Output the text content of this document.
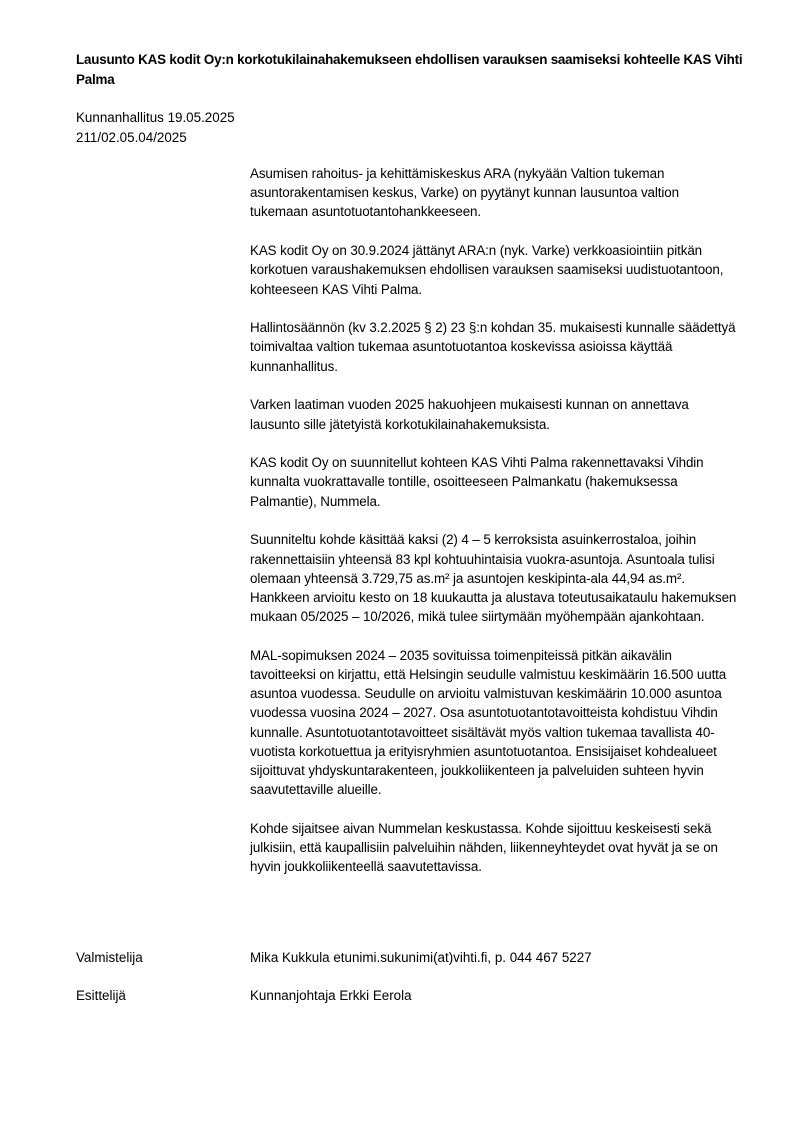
Lausunto KAS kodit Oy:n korkotukilainahakemukseen ehdollisen varauksen saamiseksi kohteelle KAS Vihti Palma
Kunnanhallitus 19.05.2025
211/02.05.04/2025

Asumisen rahoitus- ja kehittämiskeskus ARA (nykyään Valtion tukeman asuntorakentamisen keskus, Varke) on pyytänyt kunnan lausuntoa valtion tukemaan asuntotuotantohankkeeseen.

KAS kodit Oy on 30.9.2024 jättänyt ARA:n (nyk. Varke) verkkoasiointiin pitkän korkotuen varaushakemuksen ehdollisen varauksen saamiseksi uudistuotantoon, kohteeseen KAS Vihti Palma.

Hallintosäännön (kv 3.2.2025 § 2) 23 §:n kohdan 35. mukaisesti kunnalle säädettyä toimivaltaa valtion tukemaa asuntotuotantoa koskevissa asioissa käyttää kunnanhallitus.

Varken laatiman vuoden 2025 hakuohjeen mukaisesti kunnan on annettava lausunto sille jätetyistä korkotukilainahakemuksista.

KAS kodit Oy on suunnitellut kohteen KAS Vihti Palma rakennettavaksi Vihdin kunnalta vuokrattavalle tontille, osoitteeseen Palmankatu (hakemuksessa Palmantie), Nummela.

Suunniteltu kohde käsittää kaksi (2) 4 – 5 kerroksista asuinkerrostaloa, joihin rakennettaisiin yhteensä 83 kpl kohtuuhintaisia vuokra-asuntoja. Asuntoala tulisi olemaan yhteensä 3.729,75 as.m² ja asuntojen keskipinta-ala 44,94 as.m². Hankkeen arvioitu kesto on 18 kuukautta ja alustava toteutusaikataulu hakemuksen mukaan 05/2025 – 10/2026, mikä tulee siirtymään myöhempään ajankohtaan.

MAL-sopimuksen 2024 – 2035 sovituissa toimenpiteissä pitkän aikavälin tavoitteeksi on kirjattu, että Helsingin seudulle valmistuu keskimäärin 16.500 uutta asuntoa vuodessa. Seudulle on arvioitu valmistuvan keskimäärin 10.000 asuntoa vuodessa vuosina 2024 – 2027. Osa asuntotuotantotavoitteista kohdistuu Vihdin kunnalle. Asuntotuotantotavoitteet sisältävät myös valtion tukemaa tavallista 40-vuotista korkotuettua ja erityisryhmien asuntotuotantoa. Ensisijaiset kohdealueet sijoittuvat yhdyskuntarakenteen, joukkoliikenteen ja palveluiden suhteen hyvin saavutettaville alueille.

Kohde sijaitsee aivan Nummelan keskustassa. Kohde sijoittuu keskeisesti sekä julkisiin, että kaupallisiin palveluihin nähden, liikenneyhteydet ovat hyvät ja se on hyvin joukkoliikenteellä saavutettavissa.

Valmistelija	Mika Kukkula etunimi.sukunimi(at)vihti.fi, p. 044 467 5227
Esittelijä	Kunnanjohtaja Erkki Eerola
